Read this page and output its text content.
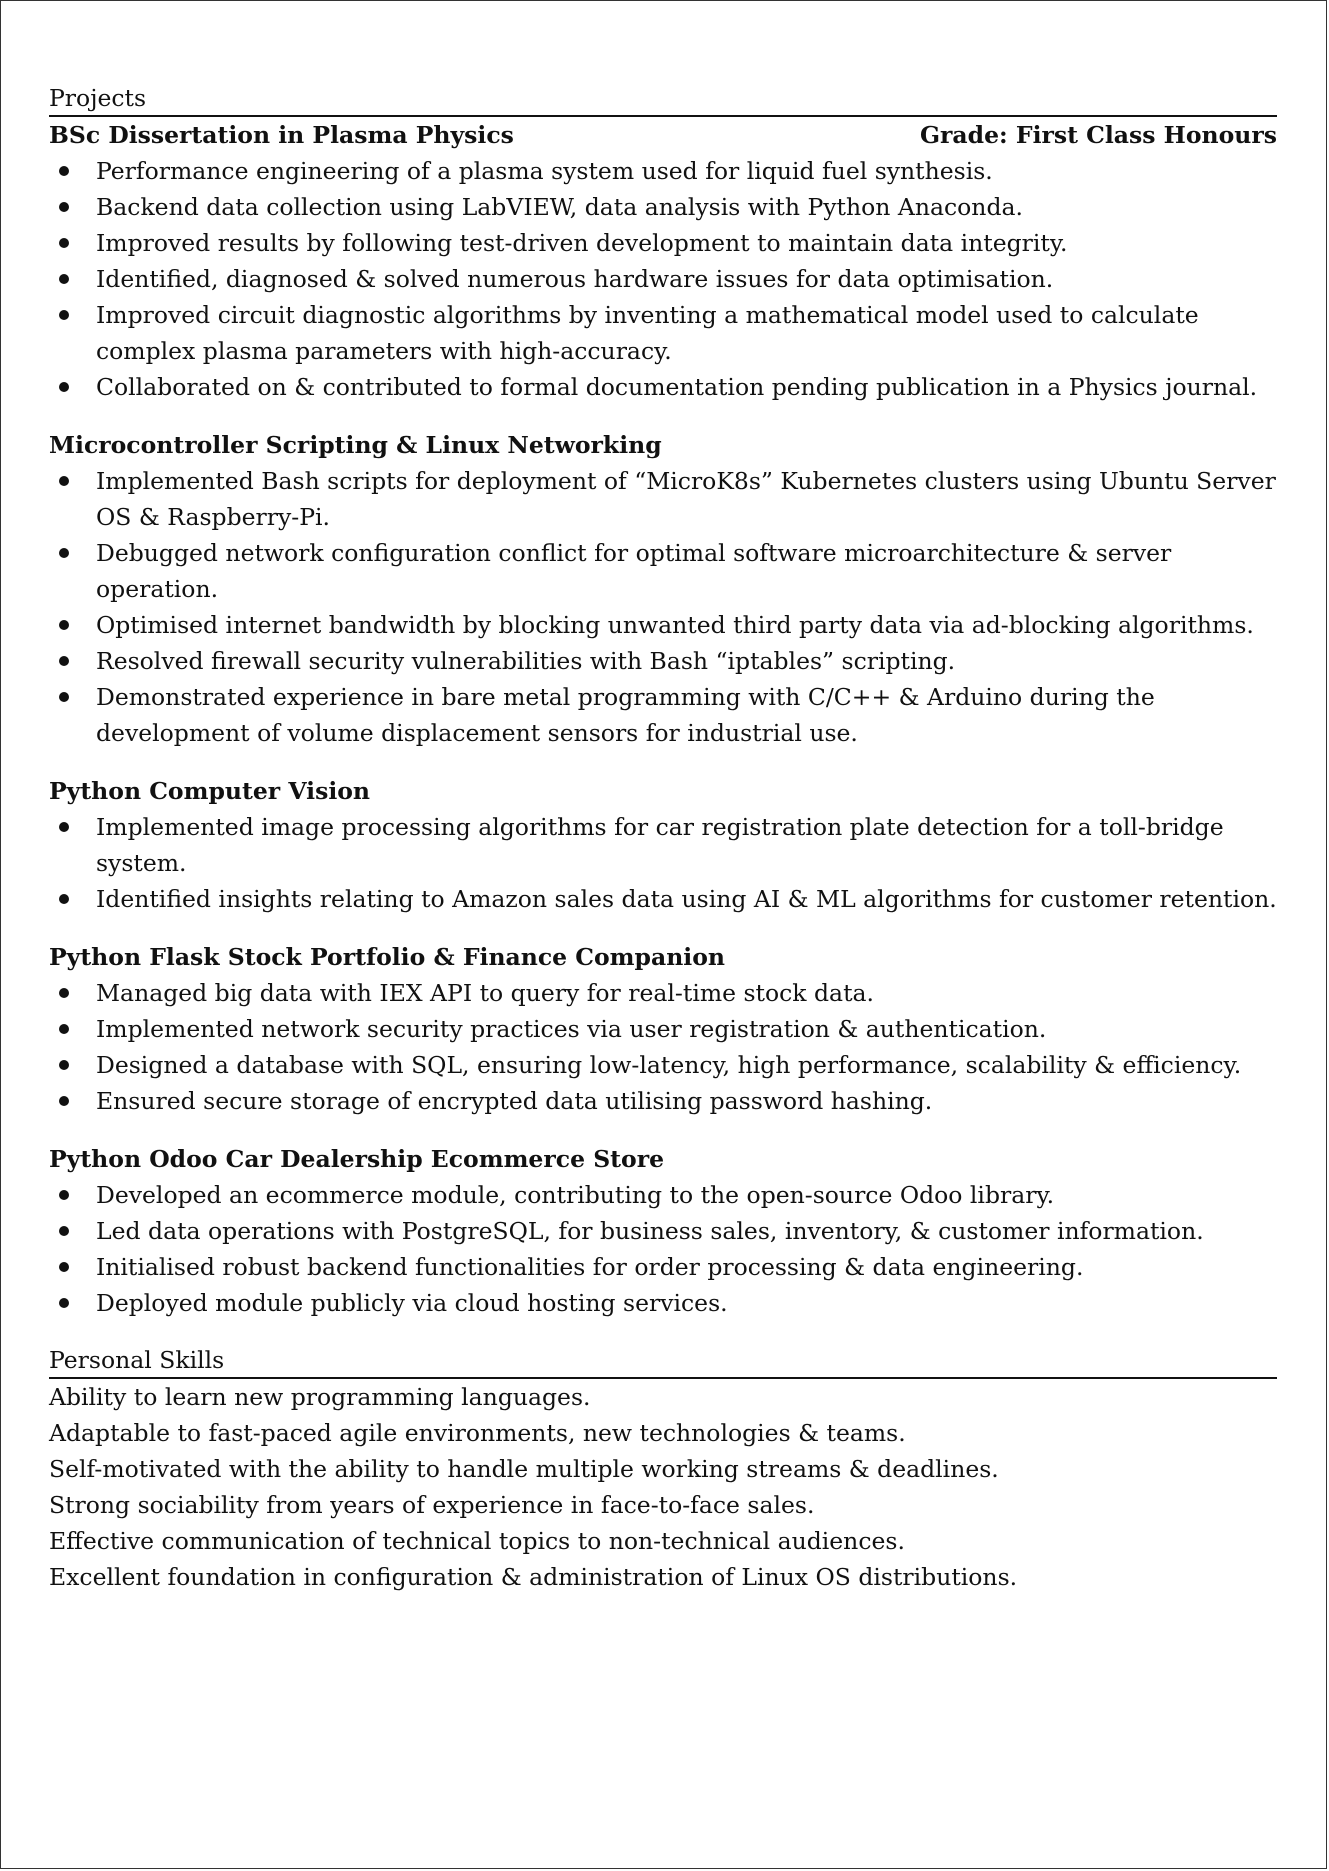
Projects
BSc Dissertation in Plasma Physics	Grade: First Class Honours
Performance engineering of a plasma system used for liquid fuel synthesis.
Backend data collection using LabVIEW, data analysis with Python Anaconda.
Improved results by following test-driven development to maintain data integrity.
Identified, diagnosed & solved numerous hardware issues for data optimisation.
Improved circuit diagnostic algorithms by inventing a mathematical model used to calculate complex plasma parameters with high-accuracy.
Collaborated on & contributed to formal documentation pending publication in a Physics journal.
Microcontroller Scripting & Linux Networking
Implemented Bash scripts for deployment of “MicroK8s” Kubernetes clusters using Ubuntu Server OS & Raspberry-Pi.
Debugged network configuration conflict for optimal software microarchitecture & server operation.
Optimised internet bandwidth by blocking unwanted third party data via ad-blocking algorithms.
Resolved firewall security vulnerabilities with Bash “iptables” scripting.
Demonstrated experience in bare metal programming with C/C++ & Arduino during the development of volume displacement sensors for industrial use.
Python Computer Vision
Implemented image processing algorithms for car registration plate detection for a toll-bridge system.
Identified insights relating to Amazon sales data using AI & ML algorithms for customer retention.
Python Flask Stock Portfolio & Finance Companion
Managed big data with IEX API to query for real-time stock data.
Implemented network security practices via user registration & authentication.
Designed a database with SQL, ensuring low-latency, high performance, scalability & efficiency.
Ensured secure storage of encrypted data utilising password hashing.
Python Odoo Car Dealership Ecommerce Store
Developed an ecommerce module, contributing to the open-source Odoo library.
Led data operations with PostgreSQL, for business sales, inventory, & customer information.
Initialised robust backend functionalities for order processing & data engineering.
Deployed module publicly via cloud hosting services.
Personal Skills
Ability to learn new programming languages.
Adaptable to fast-paced agile environments, new technologies & teams.
Self-motivated with the ability to handle multiple working streams & deadlines.
Strong sociability from years of experience in face-to-face sales.
Effective communication of technical topics to non-technical audiences.
Excellent foundation in configuration & administration of Linux OS distributions.
